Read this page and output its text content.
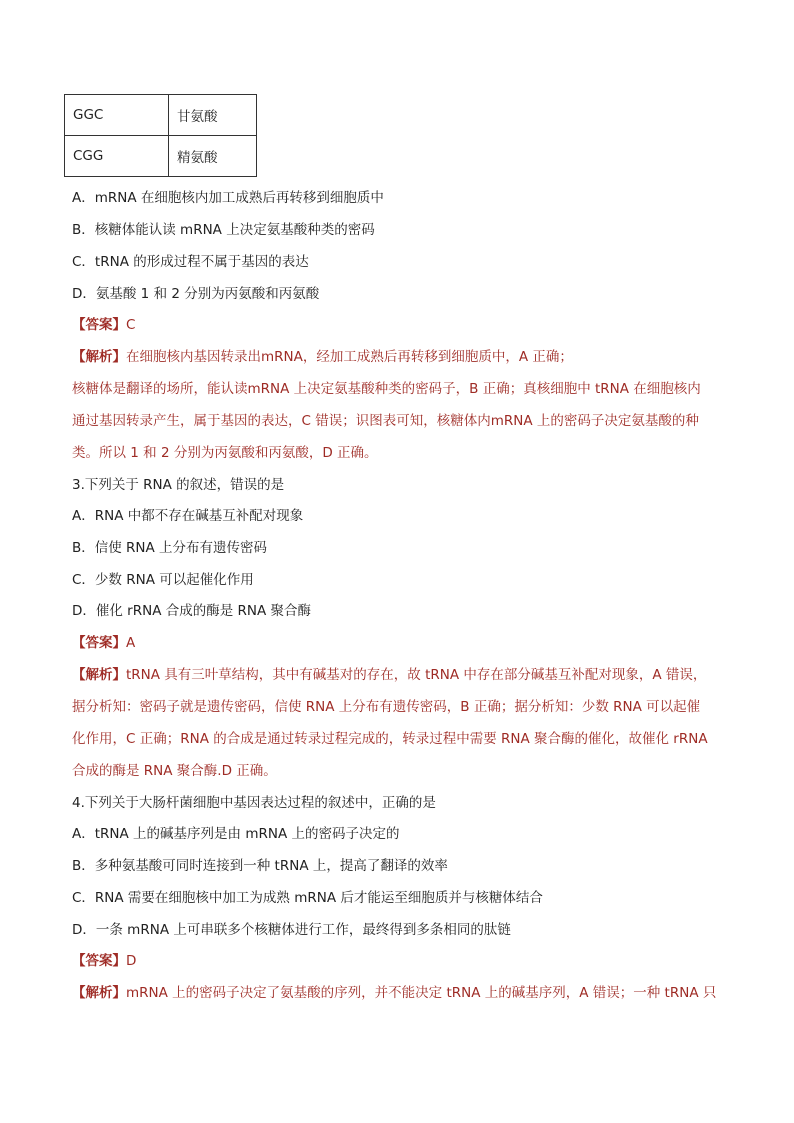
GGC	甘氨酸
CGG	精氨酸
A．mRNA 在细胞核内加工成熟后再转移到细胞质中
B．核糖体能认读 mRNA 上决定氨基酸种类的密码
C．tRNA 的形成过程不属于基因的表达
D．氨基酸 1 和 2 分别为丙氨酸和丙氨酸
【答案】C
【解析】在细胞核内基因转录出mRNA，经加工成熟后再转移到细胞质中，A 正确；
核糖体是翻译的场所，能认读mRNA 上决定氨基酸种类的密码子，B 正确；真核细胞中 tRNA 在细胞核内
通过基因转录产生，属于基因的表达，C 错误；识图表可知，核糖体内mRNA 上的密码子决定氨基酸的种
类。所以 1 和 2 分别为丙氨酸和丙氨酸，D 正确。
3.下列关于 RNA 的叙述，错误的是
A．RNA 中都不存在碱基互补配对现象
B．信使 RNA 上分布有遗传密码
C．少数 RNA 可以起催化作用
D．催化 rRNA 合成的酶是 RNA 聚合酶
【答案】A
【解析】tRNA 具有三叶草结构，其中有碱基对的存在，故 tRNA 中存在部分碱基互补配对现象，A 错误，
据分析知：密码子就是遗传密码，信使 RNA 上分布有遗传密码，B 正确；据分析知：少数 RNA 可以起催
化作用，C 正确；RNA 的合成是通过转录过程完成的，转录过程中需要 RNA 聚合酶的催化，故催化 rRNA
合成的酶是 RNA 聚合酶.D 正确。
4.下列关于大肠杆菌细胞中基因表达过程的叙述中，正确的是
A．tRNA 上的碱基序列是由 mRNA 上的密码子决定的
B．多种氨基酸可同时连接到一种 tRNA 上，提高了翻译的效率
C．RNA 需要在细胞核中加工为成熟 mRNA 后才能运至细胞质并与核糖体结合
D．一条 mRNA 上可串联多个核糖体进行工作，最终得到多条相同的肽链
【答案】D
【解析】mRNA 上的密码子决定了氨基酸的序列，并不能决定 tRNA 上的碱基序列，A 错误；一种 tRNA 只
